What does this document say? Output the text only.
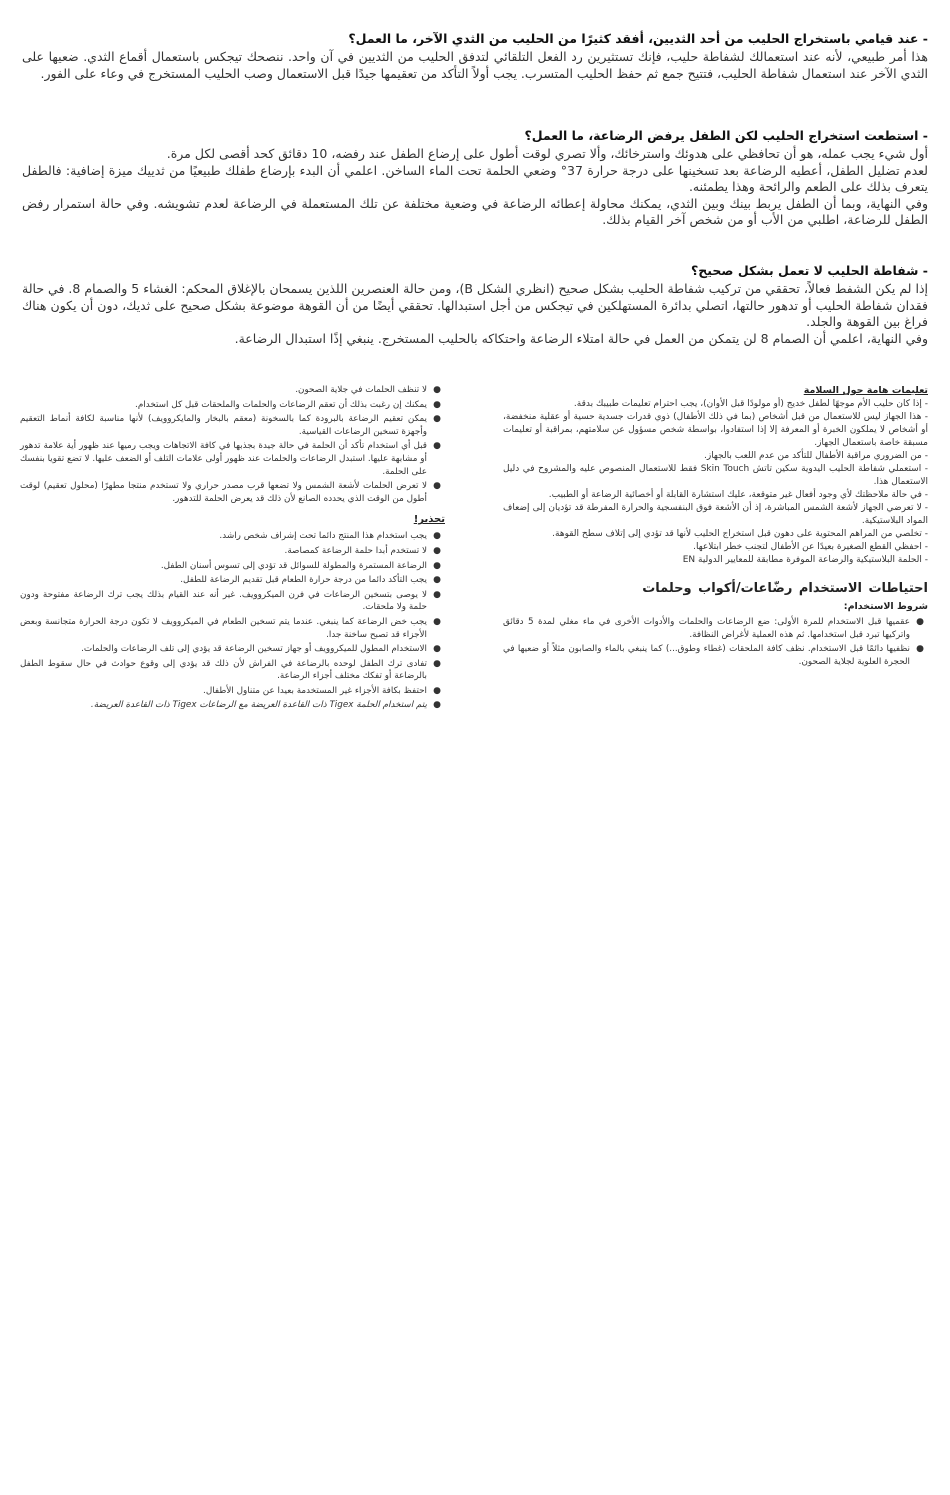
- عند قيامي باستخراج الحليب من أحد الثديين، أفقد كثيرًا من الحليب من الثدي الآخر، ما العمل؟

هذا أمر طبيعي، لأنه عند استعمالك لشفاطة حليب، فإنك تستثيرين رد الفعل التلقائي لتدفق الحليب من الثديين في آن واحد. ننصحك تيجكس باستعمال أقماع الثدي. ضعيها على الثدي الآخر عند استعمال شفاطة الحليب، فتتيح جمع ثم حفظ الحليب المتسرب. يجب أولاً التأكد من تعقيمها جيدًا قبل الاستعمال وصب الحليب المستخرج في وعاء على الفور.

- استطعت استخراج الحليب لكن الطفل يرفض الرضاعة، ما العمل؟

أول شيء يجب عمله، هو أن تحافظي على هدوئك واسترخائك، وألا تصري لوقت أطول على إرضاع الطفل عند رفضه، 10 دقائق كحد أقصى لكل مرة.

لعدم تضليل الطفل، أعطيه الرضاعة بعد تسخينها على درجة حرارة 37° وضعي الحلمة تحت الماء الساخن. اعلمي أن البدء بإرضاع طفلك طبيعيًا من ثدييك ميزة إضافية: فالطفل يتعرف بذلك على الطعم والرائحة وهذا يطمئنه.

وفي النهاية، وبما أن الطفل يربط بينك وبين الثدي، يمكنك محاولة إعطائه الرضاعة في وضعية مختلفة عن تلك المستعملة في الرضاعة لعدم تشويشه. وفي حالة استمرار رفض الطفل للرضاعة، اطلبي من الأب أو من شخص آخر القيام بذلك.

- شفاطة الحليب لا تعمل بشكل صحيح؟

إذا لم يكن الشفط فعالاً، تحققي من تركيب شفاطة الحليب بشكل صحيح (انظري الشكل B)، ومن حالة العنصرين اللذين يسمحان بالإغلاق المحكم: الغشاء 5 والصمام 8. في حالة فقدان شفاطة الحليب أو تدهور حالتها، اتصلي بدائرة المستهلكين في تيجكس من أجل استبدالها. تحققي أيضًا من أن القوهة موضوعة بشكل صحيح على ثديك، دون أن يكون هناك فراغ بين القوهة والجلد.

وفي النهاية، اعلمي أن الصمام 8 لن يتمكن من العمل في حالة امتلاء الرضاعة واحتكاكه بالحليب المستخرج. ينبغي إذًا استبدال الرضاعة.

تعليمات هامة حول السلامة

- إذا كان حليب الأم موجهًا لطفل خديج (أو مولودًا قبل الأوان)، يجب احترام تعليمات طبيبك بدقة.

- هذا الجهاز ليس للاستعمال من قبل أشخاص (بما في ذلك الأطفال) ذوي قدرات جسدية حسية أو عقلية منخفضة، أو أشخاص لا يملكون الخبرة أو المعرفة إلا إذا استفادوا، بواسطة شخص مسؤول عن سلامتهم، بمراقبة أو تعليمات مسبقة خاصة باستعمال الجهاز.

- من الضروري مراقبة الأطفال للتأكد من عدم اللعب بالجهاز.

- استعملي شفاطة الحليب اليدوية سكين تاتش Skin Touch فقط للاستعمال المنصوص عليه والمشروح في دليل الاستعمال هذا.

- في حالة ملاحظتك لأي وجود أفعال غير متوقعة، عليك استشارة القابلة أو أخصائية الرضاعة أو الطبيب.

- لا تعرضي الجهاز لأشعة الشمس المباشرة، إذ أن الأشعة فوق البنفسجية والحرارة المفرطة قد تؤديان إلى إضعاف المواد البلاستيكية.

- تخلصي من المراهم المحتوية على دهون قبل استخراج الحليب لأنها قد تؤدي إلى إتلاف سطح القوهة.

- احفظي القطع الصغيرة بعيدًا عن الأطفال لتجنب خطر ابتلاعها.

- الحلمة البلاستيكية والرضاعة الموفرة مطابقة للمعايير الدولية EN

احتياطات الاستخدام رضّاعات/أكواب وحلمات
شروط الاستخدام:
●
عقميها قبل الاستخدام للمرة الأولى: ضع الرضاعات والحلمات والأدوات الأخرى في ماء مغلي لمدة 5 دقائق واتركيها تبرد قبل استخدامها. ثم هذه العملية لأغراض النظافة.
●
نظفيها دائمًا قبل الاستخدام. نظف كافة الملحقات (غطاء وطوق...) كما ينبغي بالماء والصابون مثلاً أو ضعيها في الحجرة العلوية لجلاية الصحون.
●
لا تنظف الحلمات في جلاية الصحون.
●
يمكنك إن رغبت بذلك أن تعقم الرضاعات والحلمات والملحقات قبل كل استخدام.
●
يمكن تعقيم الرضاعة بالبرودة كما بالسخونة (معقم بالبخار والمايكروويف) لأنها مناسبة لكافة أنماط التعقيم وأجهزة تسخين الرضاعات القياسية.
●
قبل أي استخدام تأكد أن الحلمة في حالة جيدة بجذبها في كافة الاتجاهات ويجب رميها عند ظهور أية علامة تدهور أو مشابهة عليها. استبدل الرضاعات والحلمات عند ظهور أولى علامات التلف أو الضعف عليها. لا تضع تقويا بنفسك على الحلمة.
●
لا تعرض الحلمات لأشعة الشمس ولا تضعها قرب مصدر حراري ولا تستخدم منتجا مطهرًا (محلول تعقيم) لوقت أطول من الوقت الذي يحدده الصانع لأن ذلك قد يعرض الحلمة للتدهور.
تحذير!
●
يجب استخدام هذا المنتج دائما تحت إشراف شخص راشد.
●
لا تستخدم أبدا حلمة الرضاعة كمصاصة.
●
الرضاعة المستمرة والمطولة للسوائل قد تؤدي إلى تسوس أسنان الطفل.
●
يجب التأكد دائما من درجة حرارة الطعام قبل تقديم الرضاعة للطفل.
●
لا يوصى بتسخين الرضاعات في فرن الميكروويف. غير أنه عند القيام بذلك يجب ترك الرضاعة مفتوحة ودون حلمة ولا ملحقات.
●
يجب خض الرضاعة كما ينبغي. عندما يتم تسخين الطعام في الميكروويف لا تكون درجة الحرارة متجانسة وبعض الأجزاء قد تصبح ساخنة جدا.
●
الاستخدام المطول للميكروويف أو جهاز تسخين الرضاعة قد يؤدي إلى تلف الرضاعات والحلمات.
●
تفادى ترك الطفل لوحده بالرضاعة في الفراش لأن ذلك قد يؤدي إلى وقوع حوادث في حال سقوط الطفل بالرضاعة أو تفكك مختلف أجزاء الرضاعة.
●
احتفظ بكافة الأجزاء غير المستخدمة بعيدا عن متناول الأطفال.
●
يتم استخدام الحلمة Tigex ذات القاعدة العريضة مع الرضاعات Tigex ذات القاعدة العريضة.
